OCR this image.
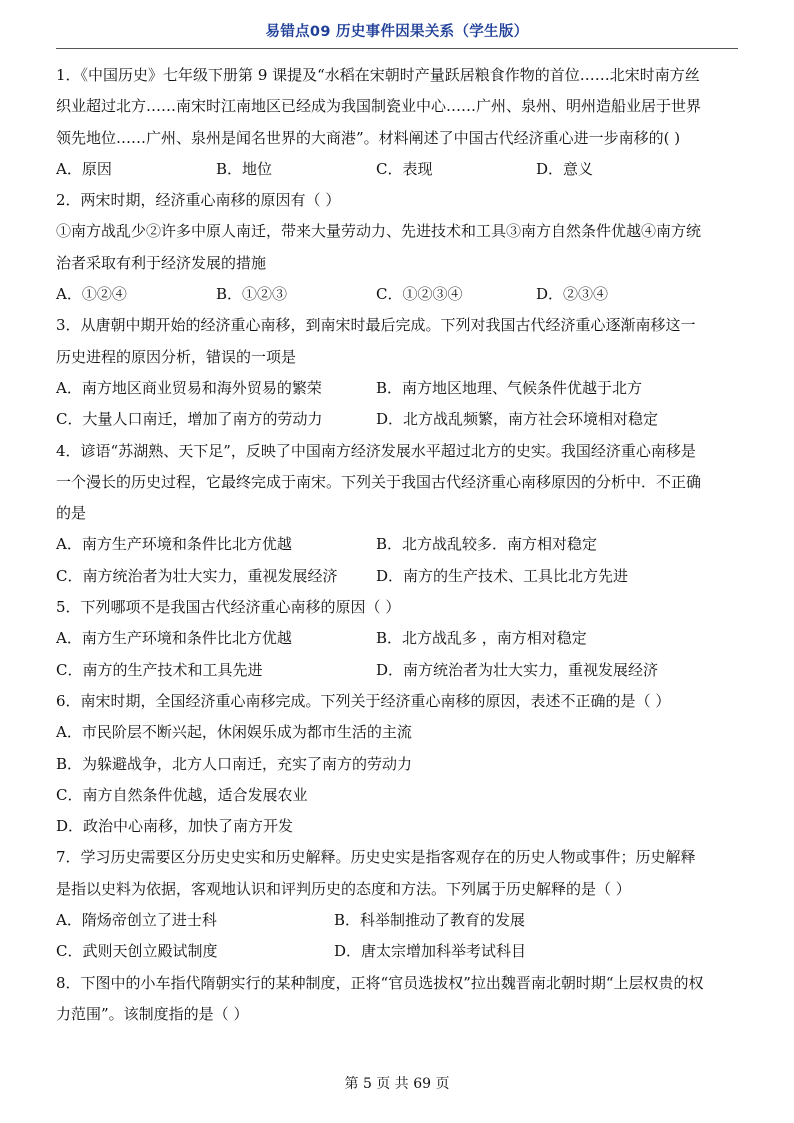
易错点09 历史事件因果关系（学生版）
1．《中国历史》七年级下册第 9 课提及“水稻在宋朝时产量跃居粮食作物的首位……北宋时南方丝
织业超过北方……南宋时江南地区已经成为我国制瓷业中心……广州、泉州、明州造船业居于世界
领先地位……广州、泉州是闻名世界的大商港”。材料阐述了中国古代经济重心进一步南移的( )
A．原因	B．地位	C．表现	D．意义
2．两宋时期，经济重心南移的原因有（ ）
①南方战乱少②许多中原人南迁，带来大量劳动力、先进技术和工具③南方自然条件优越④南方统
治者采取有利于经济发展的措施
A．①②④	B．①②③	C．①②③④	D．②③④
3．从唐朝中期开始的经济重心南移，到南宋时最后完成。下列对我国古代经济重心逐渐南移这一
历史进程的原因分析，错误的一项是
A．南方地区商业贸易和海外贸易的繁荣	B．南方地区地理、气候条件优越于北方
C．大量人口南迁，增加了南方的劳动力	D．北方战乱频繁，南方社会环境相对稳定
4．谚语“苏湖熟、天下足”，反映了中国南方经济发展水平超过北方的史实。我国经济重心南移是
一个漫长的历史过程，它最终完成于南宋。下列关于我国古代经济重心南移原因的分析中．不正确
的是
A．南方生产环境和条件比北方优越	B．北方战乱较多．南方相对稳定
C．南方统治者为壮大实力，重视发展经济	D．南方的生产技术、工具比北方先进
5．下列哪项不是我国古代经济重心南移的原因（ ）
A．南方生产环境和条件比北方优越	B．北方战乱多 ，南方相对稳定
C．南方的生产技术和工具先进	D．南方统治者为壮大实力，重视发展经济
6．南宋时期，全国经济重心南移完成。下列关于经济重心南移的原因，表述不正确的是（ ）
A．市民阶层不断兴起，休闲娱乐成为都市生活的主流
B．为躲避战争，北方人口南迁，充实了南方的劳动力
C．南方自然条件优越，适合发展农业
D．政治中心南移，加快了南方开发
7．学习历史需要区分历史史实和历史解释。历史史实是指客观存在的历史人物或事件；历史解释
是指以史料为依据，客观地认识和评判历史的态度和方法。下列属于历史解释的是（ ）
A．隋炀帝创立了进士科	B．科举制推动了教育的发展
C．武则天创立殿试制度	D．唐太宗增加科举考试科目
8．下图中的小车指代隋朝实行的某种制度，正将“官员选拔权”拉出魏晋南北朝时期“上层权贵的权
力范围”。该制度指的是（ ）
第 5 页 共 69 页
